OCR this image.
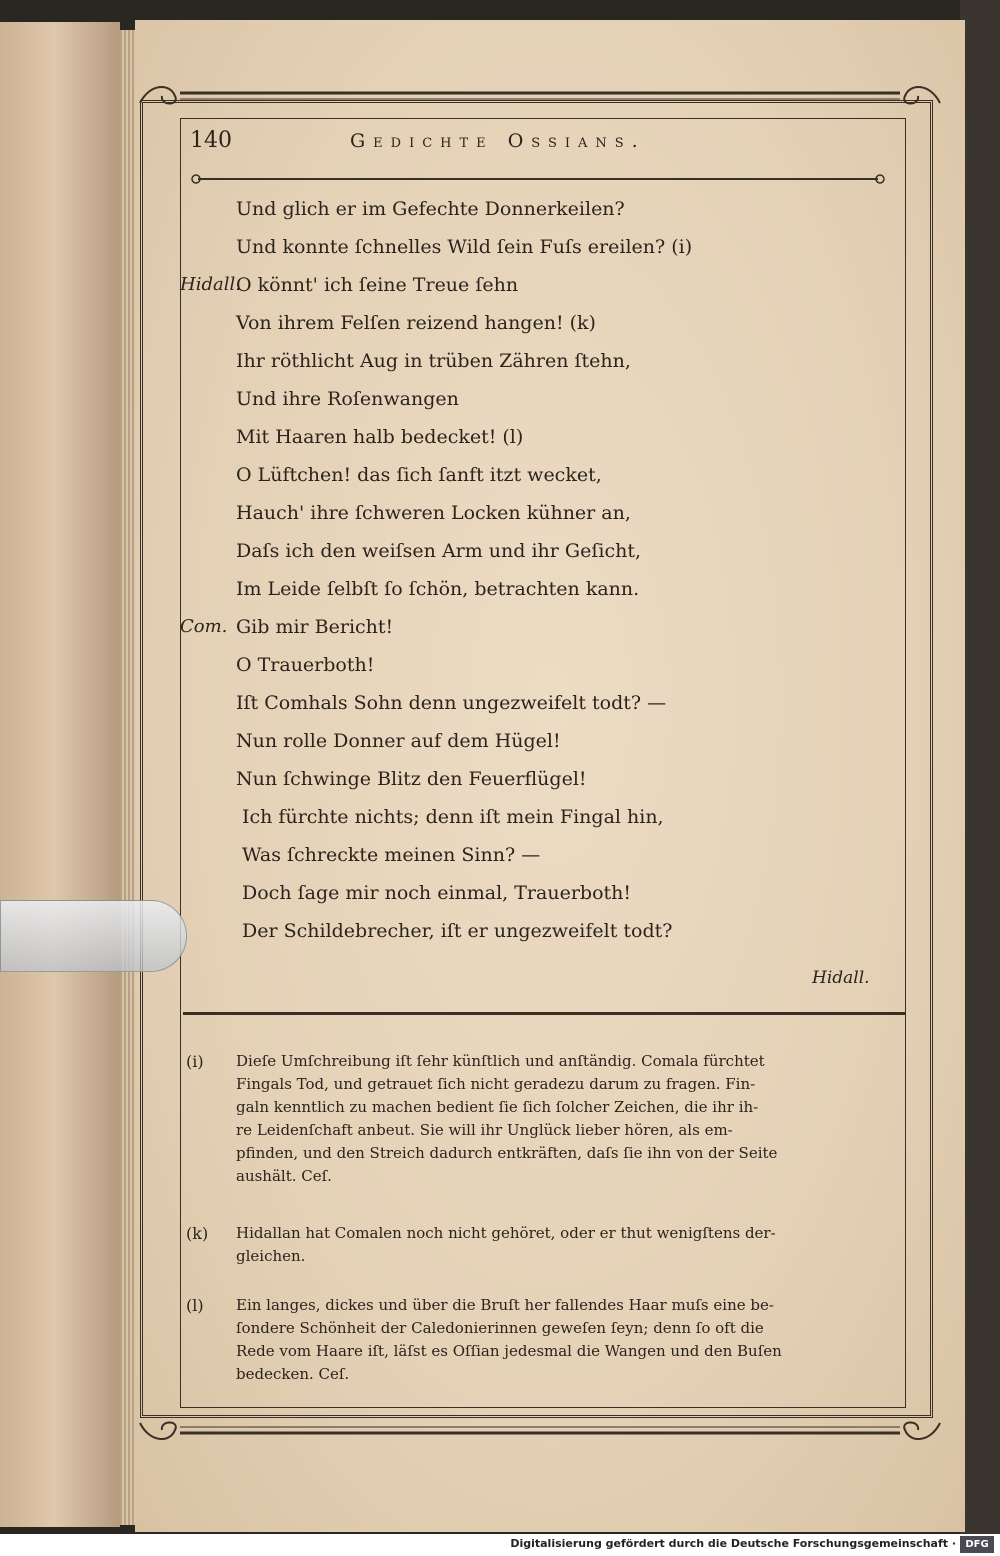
140	Gedichte Ossians.
Und glich er im Gefechte Donnerkeilen?
Und konnte ſchnelles Wild ſein Fuſs ereilen? (i)
Hidall.
O könnt' ich ſeine Treue ſehn
Von ihrem Felſen reizend hangen! (k)
Ihr röthlicht Aug in trüben Zähren ſtehn,
Und ihre Roſenwangen
Mit Haaren halb bedecket! (l)
O Lüftchen! das ſich ſanft itzt wecket,
Hauch' ihre ſchweren Locken kühner an,
Daſs ich den weiſsen Arm und ihr Geſicht,
Im Leide ſelbſt ſo ſchön, betrachten kann.
Com. Gib mir Bericht!
O Trauerboth!
Iſt Comhals Sohn denn ungezweifelt todt? —
Nun rolle Donner auf dem Hügel!
Nun ſchwinge Blitz den Feuerflügel!
Ich fürchte nichts; denn iſt mein Fingal hin,
Was ſchreckte meinen Sinn? —
Doch ſage mir noch einmal, Trauerboth!
Der Schildebrecher, iſt er ungezweifelt todt?
Hidall.
(i) Dieſe Umſchreibung iſt ſehr künſtlich und anſtändig. Comala fürchtet
Fingals Tod, und getrauet ſich nicht geradezu darum zu fragen. Fin-
galn kenntlich zu machen bedient ſie ſich ſolcher Zeichen, die ihr ih-
re Leidenſchaft anbeut. Sie will ihr Unglück lieber hören, als em-
pfinden, und den Streich dadurch entkräften, daſs ſie ihn von der Seite
aushält. Ceſ.
(k) Hidallan hat Comalen noch nicht gehöret, oder er thut wenigſtens der-
gleichen.
(l) Ein langes, dickes und über die Bruſt her fallendes Haar muſs eine be-
ſondere Schönheit der Caledonierinnen geweſen ſeyn; denn ſo oft die
Rede vom Haare iſt, läſst es Oſſian jedesmal die Wangen und den Buſen
bedecken. Ceſ.
Digitalisierung gefördert durch die Deutsche Forschungsgemeinschaft · DFG
